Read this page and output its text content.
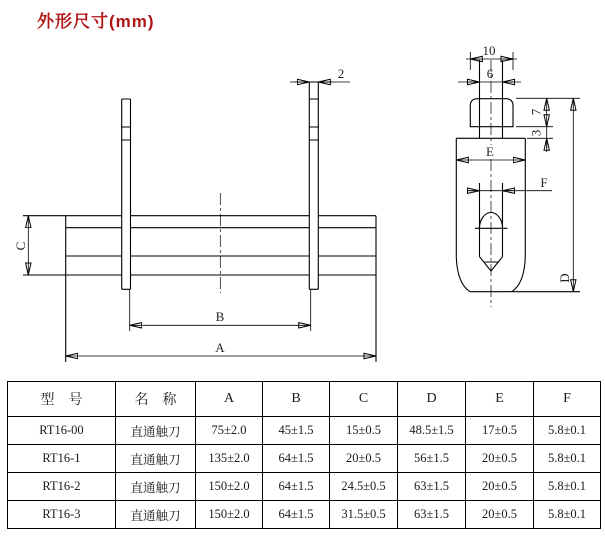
外形尺寸(mm)
2
C
B
A
10
6
7
3
E
F
D
型　号	名　称	A	B	C	D	E	F
RT16-00	直通触刀	75±2.0	45±1.5	15±0.5	48.5±1.5	17±0.5	5.8±0.1
RT16-1	直通触刀	135±2.0	64±1.5	20±0.5	56±1.5	20±0.5	5.8±0.1
RT16-2	直通触刀	150±2.0	64±1.5	24.5±0.5	63±1.5	20±0.5	5.8±0.1
RT16-3	直通触刀	150±2.0	64±1.5	31.5±0.5	63±1.5	20±0.5	5.8±0.1
